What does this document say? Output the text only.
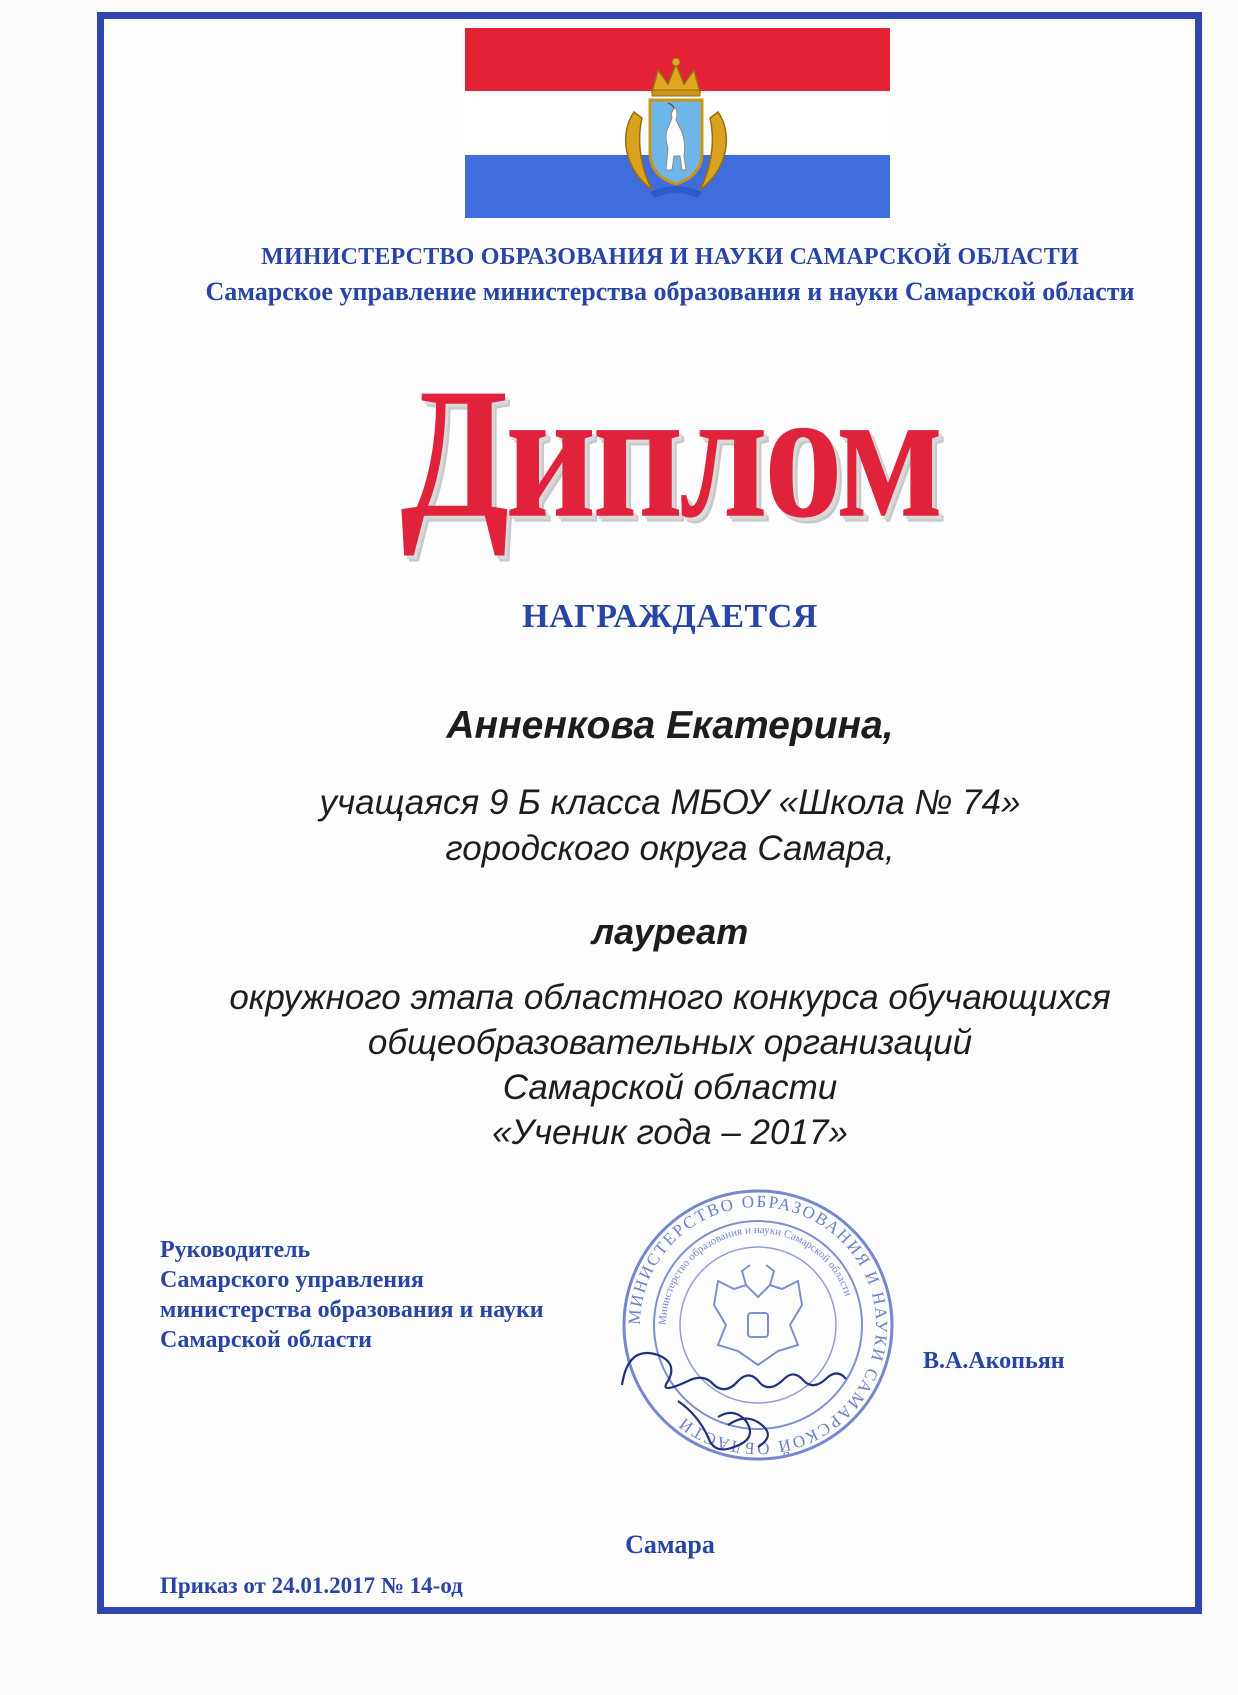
МИНИСТЕРСТВО ОБРАЗОВАНИЯ И НАУКИ САМАРСКОЙ ОБЛАСТИ
Самарское управление министерства образования и науки Самарской области
Диплом
НАГРАЖДАЕТСЯ
Анненкова Екатерина,
учащаяся 9 Б класса МБОУ «Школа № 74»
городского округа Самара,
лауреат
окружного этапа областного конкурса обучающихся
общеобразовательных организаций
Самарской области
«Ученик года – 2017»
Руководитель
Самарского управления
министерства образования и науки
Самарской области
МИНИСТЕРСТВО ОБРАЗОВАНИЯ И НАУКИ САМАРСКОЙ ОБЛАСТИ
Министерство образования и науки Самарской области
В.А.Акопьян
Самара
Приказ от 24.01.2017 № 14-од
